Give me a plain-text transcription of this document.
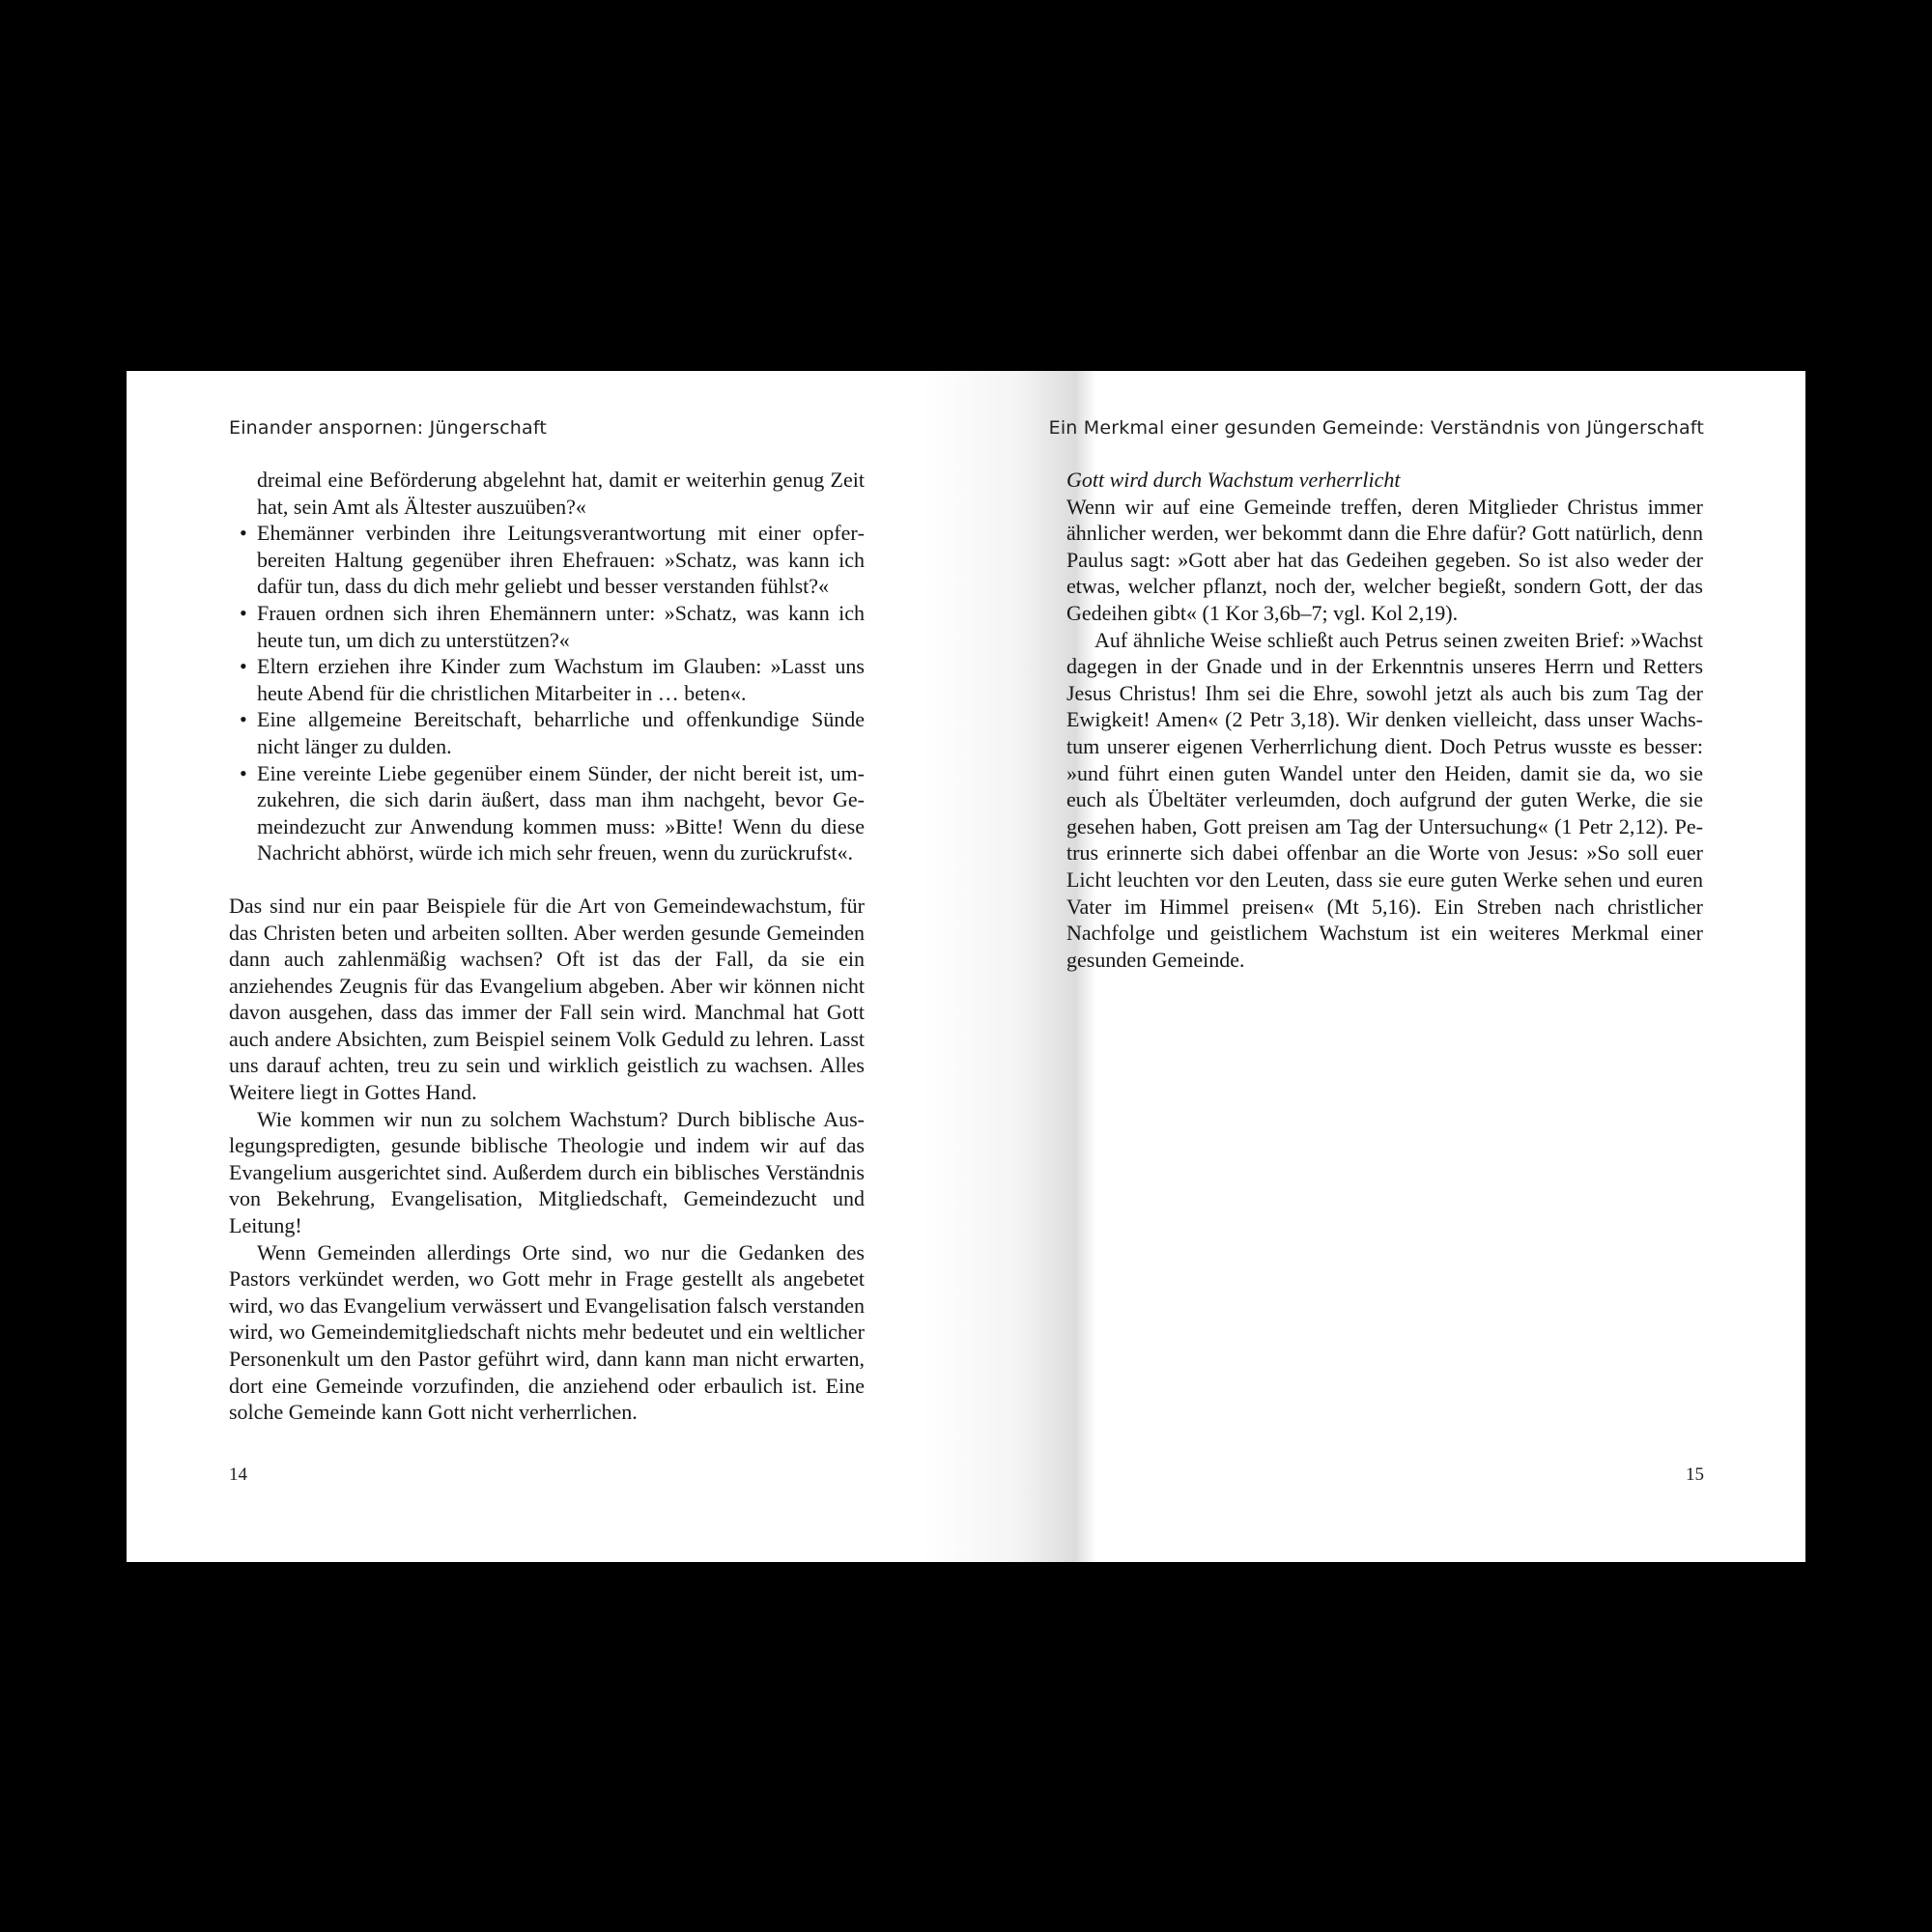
Einander anspornen: Jüngerschaft

dreimal eine Beförderung abgelehnt hat, damit er weiterhin genug Zeit hat, sein Amt als Ältester auszuüben?«

• Ehemänner verbinden ihre Leitungsverantwortung mit einer opferbereiten Haltung gegenüber ihren Ehefrauen: »Schatz, was kann ich dafür tun, dass du dich mehr geliebt und besser verstanden fühlst?«
• Frauen ordnen sich ihren Ehemännern unter: »Schatz, was kann ich heute tun, um dich zu unterstützen?«
• Eltern erziehen ihre Kinder zum Wachstum im Glauben: »Lasst uns heute Abend für die christlichen Mitarbeiter in … beten«.
• Eine allgemeine Bereitschaft, beharrliche und offenkundige Sünde nicht länger zu dulden.
• Eine vereinte Liebe gegenüber einem Sünder, der nicht bereit ist, umzukehren, die sich darin äußert, dass man ihm nachgeht, bevor Gemeindezucht zur Anwendung kommen muss: »Bitte! Wenn du diese Nachricht abhörst, würde ich mich sehr freuen, wenn du zurückrufst«.

Das sind nur ein paar Beispiele für die Art von Gemeindewachstum, für das Christen beten und arbeiten sollten. Aber werden gesunde Gemeinden dann auch zahlenmäßig wachsen? Oft ist das der Fall, da sie ein anziehendes Zeugnis für das Evangelium abgeben. Aber wir können nicht davon ausgehen, dass das immer der Fall sein wird. Manchmal hat Gott auch andere Absichten, zum Beispiel seinem Volk Geduld zu lehren. Lasst uns darauf achten, treu zu sein und wirklich geistlich zu wachsen. Alles Weitere liegt in Gottes Hand.

Wie kommen wir nun zu solchem Wachstum? Durch biblische Auslegungspredigten, gesunde biblische Theologie und indem wir auf das Evangelium ausgerichtet sind. Außerdem durch ein biblisches Verständnis von Bekehrung, Evangelisation, Mitgliedschaft, Gemeindezucht und Leitung!

Wenn Gemeinden allerdings Orte sind, wo nur die Gedanken des Pastors verkündet werden, wo Gott mehr in Frage gestellt als angebetet wird, wo das Evangelium verwässert und Evangelisation falsch verstanden wird, wo Gemeindemitgliedschaft nichts mehr bedeutet und ein weltlicher Personenkult um den Pastor geführt wird, dann kann man nicht erwarten, dort eine Gemeinde vorzufinden, die anziehend oder erbaulich ist. Eine solche Gemeinde kann Gott nicht verherrlichen.

14
Ein Merkmal einer gesunden Gemeinde: Verständnis von Jüngerschaft

Gott wird durch Wachstum verherrlicht

Wenn wir auf eine Gemeinde treffen, deren Mitglieder Christus immer ähnlicher werden, wer bekommt dann die Ehre dafür? Gott natürlich, denn Paulus sagt: »Gott aber hat das Gedeihen gegeben. So ist also weder der etwas, welcher pflanzt, noch der, welcher begießt, sondern Gott, der das Gedeihen gibt« (1 Kor 3,6b–7; vgl. Kol 2,19).

Auf ähnliche Weise schließt auch Petrus seinen zweiten Brief: »Wachst dagegen in der Gnade und in der Erkenntnis unseres Herrn und Retters Jesus Christus! Ihm sei die Ehre, sowohl jetzt als auch bis zum Tag der Ewigkeit! Amen« (2 Petr 3,18). Wir denken vielleicht, dass unser Wachstum unserer eigenen Verherrlichung dient. Doch Petrus wusste es besser: »und führt einen guten Wandel unter den Heiden, damit sie da, wo sie euch als Übeltäter verleumden, doch aufgrund der guten Werke, die sie gesehen haben, Gott preisen am Tag der Untersuchung« (1 Petr 2,12). Petrus erinnerte sich dabei offenbar an die Worte von Jesus: »So soll euer Licht leuchten vor den Leuten, dass sie eure guten Werke sehen und euren Vater im Himmel preisen« (Mt 5,16). Ein Streben nach christlicher Nachfolge und geistlichem Wachstum ist ein weiteres Merkmal einer gesunden Gemeinde.

15
